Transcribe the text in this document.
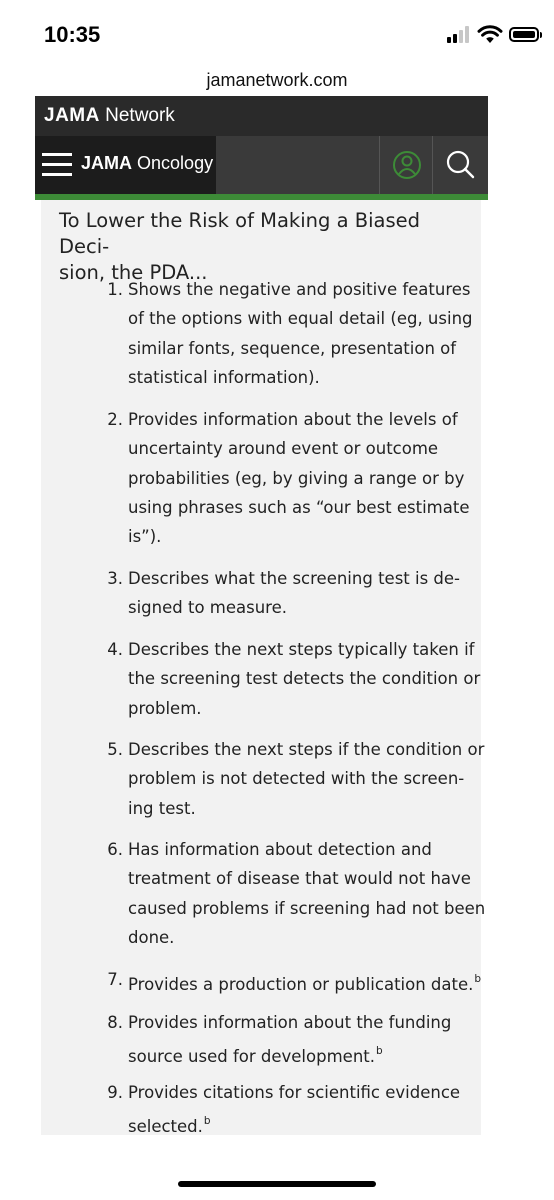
10:35
jamanetwork.com
JAMA Network
JAMA Oncology
To Lower the Risk of Making a Biased Deci-
sion, the PDA...
1. Shows the negative and positive features
of the options with equal detail (eg, using
similar fonts, sequence, presentation of
statistical information).
2. Provides information about the levels of
uncertainty around event or outcome
probabilities (eg, by giving a range or by
using phrases such as “our best estimate
is”).
3. Describes what the screening test is de-
signed to measure.
4. Describes the next steps typically taken if
the screening test detects the condition or
problem.
5. Describes the next steps if the condition or
problem is not detected with the screen-
ing test.
6. Has information about detection and
treatment of disease that would not have
caused problems if screening had not been
done.
7. Provides a production or publication date.$^b$
8. Provides information about the funding
source used for development.$^b$
9. Provides citations for scientific evidence
selected.$^b$
